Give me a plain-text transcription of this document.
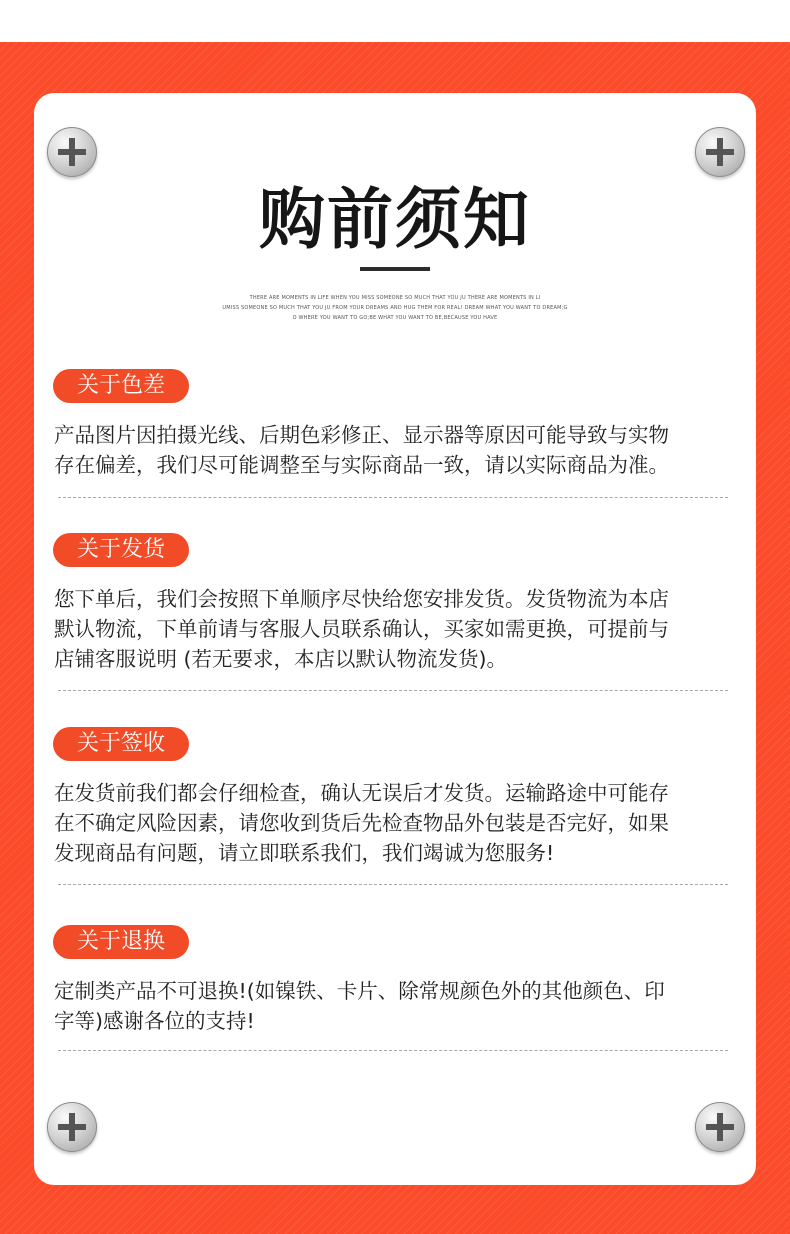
购前须知
THERE ARE MOMENTS IN LIFE WHEN YOU MISS SOMEONE SO MUCH THAT YOU JU THERE ARE MOMENTS IN LI
UMISS SOMEONE SO MUCH THAT YOU JU FROM YOUR DREAMS AND HUG THEM FOR REAL! DREAM WHAT YOU WANT TO DREAM;G
O WHERE YOU WANT TO GO;BE WHAT YOU WANT TO BE,BECAUSE YOU HAVE
关于色差
产品图片因拍摄光线、后期色彩修正、显示器等原因可能导致与实物
存在偏差，我们尽可能调整至与实际商品一致，请以实际商品为准。
关于发货
您下单后，我们会按照下单顺序尽快给您安排发货。发货物流为本店
默认物流，下单前请与客服人员联系确认，买家如需更换，可提前与
店铺客服说明 (若无要求，本店以默认物流发货)。
关于签收
在发货前我们都会仔细检查，确认无误后才发货。运输路途中可能存
在不确定风险因素，请您收到货后先检查物品外包装是否完好，如果
发现商品有问题，请立即联系我们，我们竭诚为您服务!
关于退换
定制类产品不可退换!(如镍铁、卡片、除常规颜色外的其他颜色、印
字等)感谢各位的支持!
